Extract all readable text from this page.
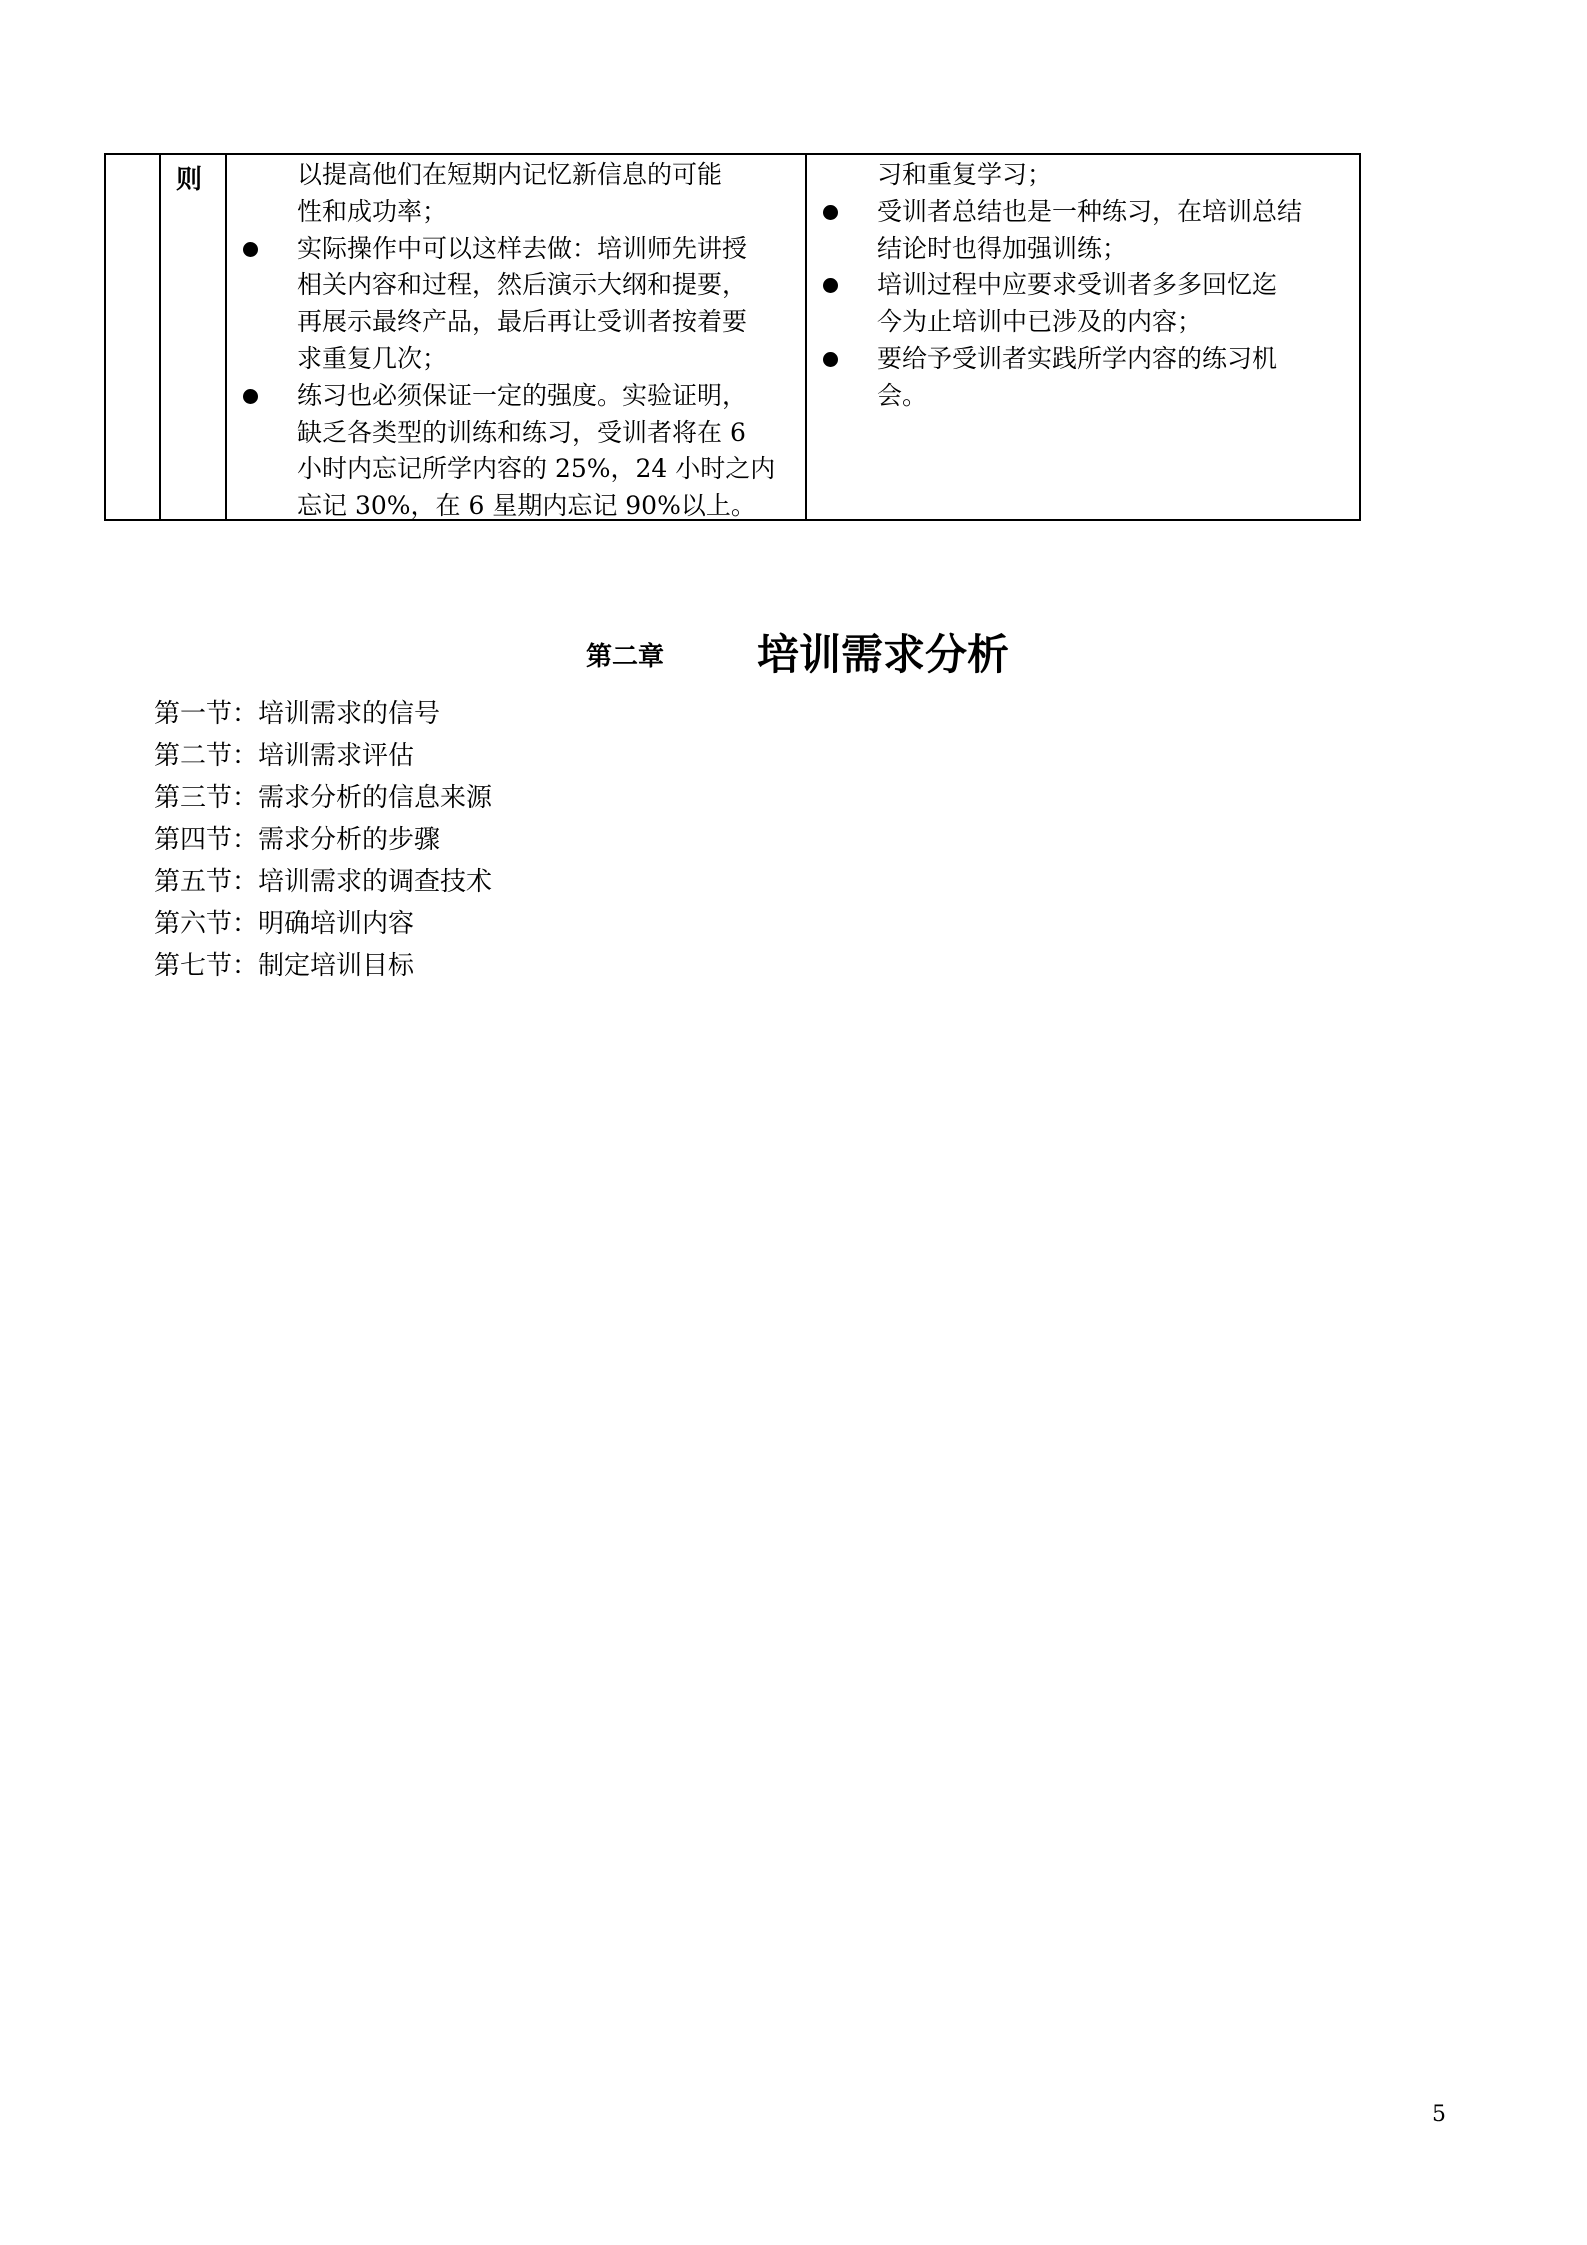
则	以提高他们在短期内记忆新信息的可能
性和成功率；
实际操作中可以这样去做：培训师先讲授
相关内容和过程，然后演示大纲和提要，
再展示最终产品，最后再让受训者按着要
求重复几次；
练习也必须保证一定的强度。实验证明，
缺乏各类型的训练和练习，受训者将在 6
小时内忘记所学内容的 25%，24 小时之内
忘记 30%，在 6 星期内忘记 90%以上。
习和重复学习；
受训者总结也是一种练习，在培训总结
结论时也得加强训练；
培训过程中应要求受训者多多回忆迄
今为止培训中已涉及的内容；
要给予受训者实践所学内容的练习机
会。
第二章 培训需求分析
第一节：培训需求的信号
第二节：培训需求评估
第三节：需求分析的信息来源
第四节：需求分析的步骤
第五节：培训需求的调查技术
第六节：明确培训内容
第七节：制定培训目标
5
